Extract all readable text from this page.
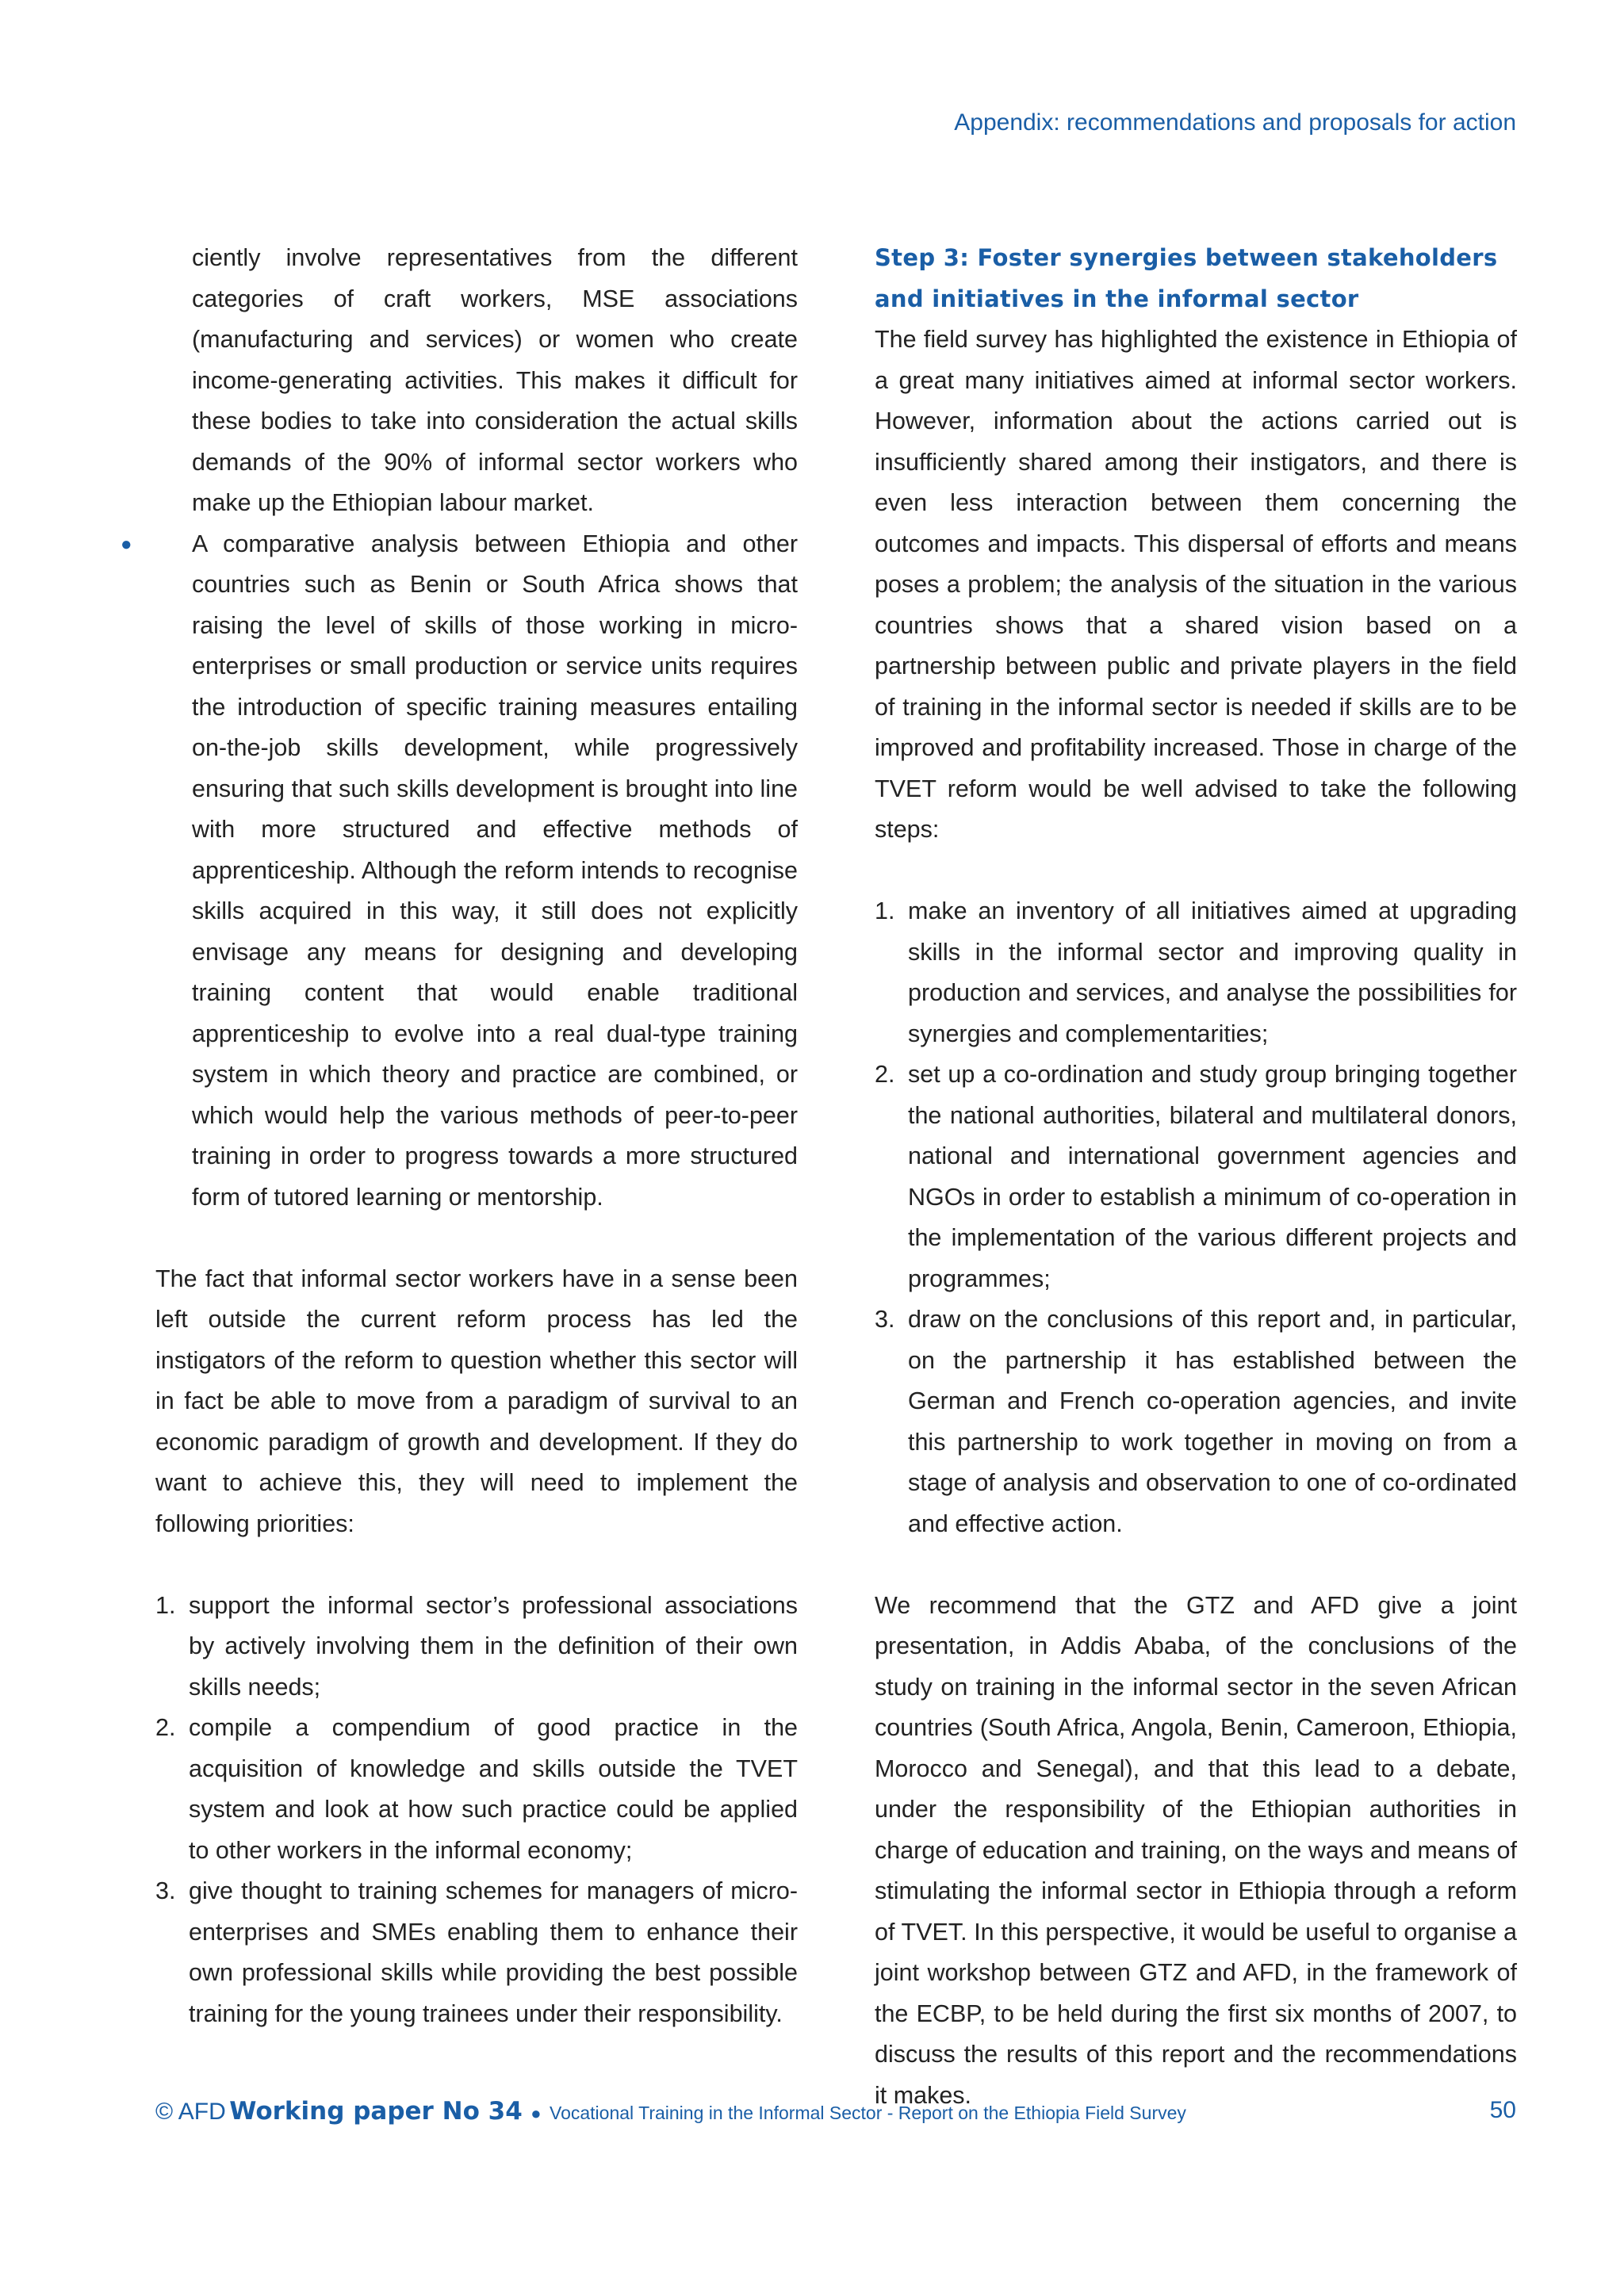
Appendix: recommendations and proposals for action

ciently involve representatives from the different categories of craft workers, MSE associations (manufacturing and services) or women who create income-generating activities. This makes it difficult for these bodies to take into consideration the actual skills demands of the 90% of informal sector workers who make up the Ethiopian labour market.

● A comparative analysis between Ethiopia and other countries such as Benin or South Africa shows that raising the level of skills of those working in micro-enterprises or small production or service units requires the introduction of specific training measures entailing on-the-job skills development, while progressively ensuring that such skills development is brought into line with more structured and effective methods of apprenticeship. Although the reform intends to recognise skills acquired in this way, it still does not explicitly envisage any means for designing and developing training content that would enable traditional apprenticeship to evolve into a real dual-type training system in which theory and practice are combined, or which would help the various methods of peer-to-peer training in order to progress towards a more structured form of tutored learning or mentorship.

The fact that informal sector workers have in a sense been left outside the current reform process has led the instigators of the reform to question whether this sector will in fact be able to move from a paradigm of survival to an economic paradigm of growth and development. If they do want to achieve this, they will need to implement the following priorities:

1. support the informal sector’s professional associations by actively involving them in the definition of their own skills needs;
2. compile a compendium of good practice in the acquisition of knowledge and skills outside the TVET system and look at how such practice could be applied to other workers in the informal economy;
3. give thought to training schemes for managers of micro-enterprises and SMEs enabling them to enhance their own professional skills while providing the best possible training for the young trainees under their responsibility.

Step 3: Foster synergies between stakeholders and initiatives in the informal sector

The field survey has highlighted the existence in Ethiopia of a great many initiatives aimed at informal sector workers. However, information about the actions carried out is insufficiently shared among their instigators, and there is even less interaction between them concerning the outcomes and impacts. This dispersal of efforts and means poses a problem; the analysis of the situation in the various countries shows that a shared vision based on a partnership between public and private players in the field of training in the informal sector is needed if skills are to be improved and profitability increased. Those in charge of the TVET reform would be well advised to take the following steps:

1. make an inventory of all initiatives aimed at upgrading skills in the informal sector and improving quality in production and services, and analyse the possibilities for synergies and complementarities;
2. set up a co-ordination and study group bringing together the national authorities, bilateral and multilateral donors, national and international government agencies and NGOs in order to establish a minimum of co-operation in the implementation of the various different projects and programmes;
3. draw on the conclusions of this report and, in particular, on the partnership it has established between the German and French co-operation agencies, and invite this partnership to work together in moving on from a stage of analysis and observation to one of co-ordinated and effective action.

We recommend that the GTZ and AFD give a joint presentation, in Addis Ababa, of the conclusions of the study on training in the informal sector in the seven African countries (South Africa, Angola, Benin, Cameroon, Ethiopia, Morocco and Senegal), and that this lead to a debate, under the responsibility of the Ethiopian authorities in charge of education and training, on the ways and means of stimulating the informal sector in Ethiopia through a reform of TVET. In this perspective, it would be useful to organise a joint workshop between GTZ and AFD, in the framework of the ECBP, to be held during the first six months of 2007, to discuss the results of this report and the recommendations it makes.

© AFD Working paper No 34 ● Vocational Training in the Informal Sector - Report on the Ethiopia Field Survey	50
